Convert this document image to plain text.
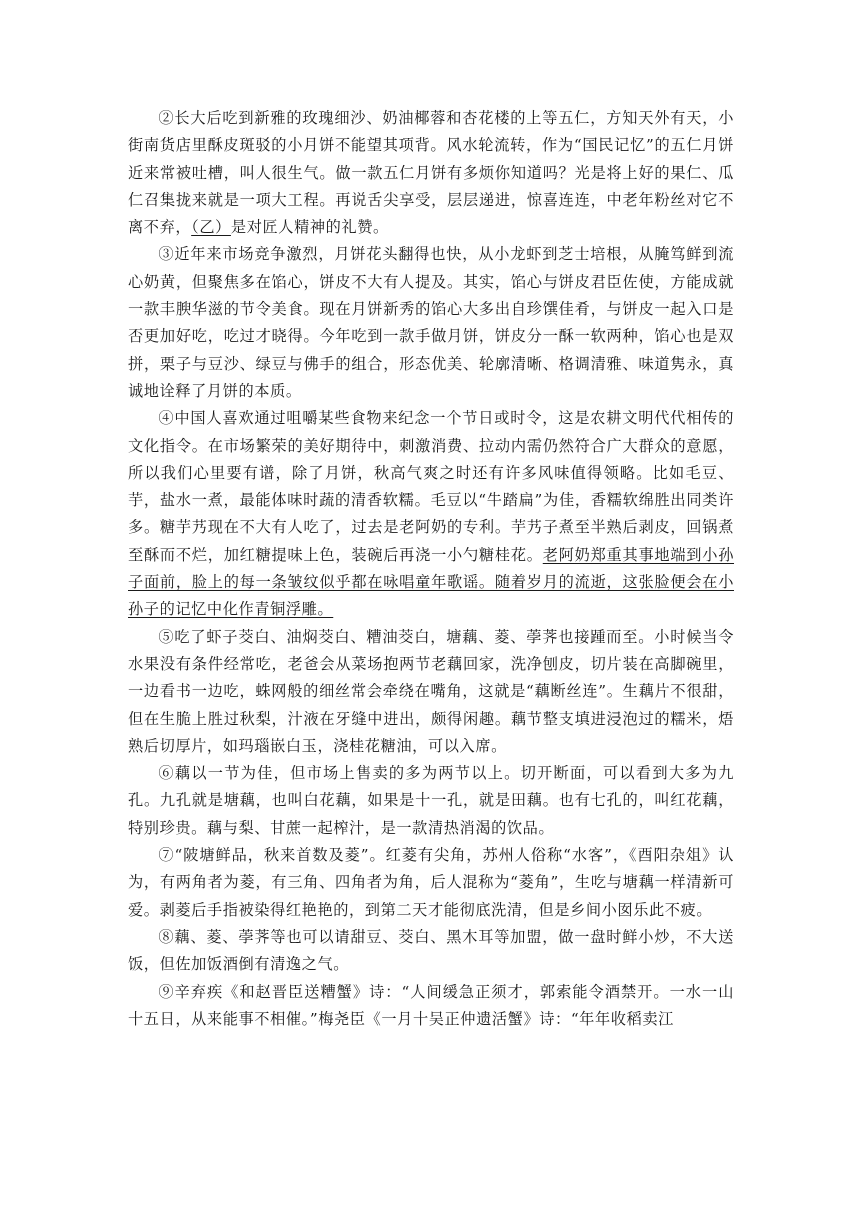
②长大后吃到新雅的玫瑰细沙、奶油椰蓉和杏花楼的上等五仁，方知天外有天，小街南货店里酥皮斑驳的小月饼不能望其项背。风水轮流转，作为“国民记忆”的五仁月饼近来常被吐槽，叫人很生气。做一款五仁月饼有多烦你知道吗？光是将上好的果仁、瓜仁召集拢来就是一项大工程。再说舌尖享受，层层递进，惊喜连连，中老年粉丝对它不离不弃，（乙）是对匠人精神的礼赞。

③近年来市场竞争激烈，月饼花头翻得也快，从小龙虾到芝士培根，从腌笃鲜到流心奶黄，但聚焦多在馅心，饼皮不大有人提及。其实，馅心与饼皮君臣佐使，方能成就一款丰腴华滋的节令美食。现在月饼新秀的馅心大多出自珍馔佳肴，与饼皮一起入口是否更加好吃，吃过才晓得。今年吃到一款手做月饼，饼皮分一酥一软两种，馅心也是双拼，栗子与豆沙、绿豆与佛手的组合，形态优美、轮廓清晰、格调清雅、味道隽永，真诚地诠释了月饼的本质。

④中国人喜欢通过咀嚼某些食物来纪念一个节日或时令，这是农耕文明代代相传的文化指令。在市场繁荣的美好期待中，刺激消费、拉动内需仍然符合广大群众的意愿，所以我们心里要有谱，除了月饼，秋高气爽之时还有许多风味值得领略。比如毛豆、芋，盐水一煮，最能体味时蔬的清香软糯。毛豆以“牛踏扁”为佳，香糯软绵胜出同类许多。糖芋艿现在不大有人吃了，过去是老阿奶的专利。芋艿子煮至半熟后剥皮，回锅煮至酥而不烂，加红糖提味上色，装碗后再浇一小勺糖桂花。老阿奶郑重其事地端到小孙子面前，脸上的每一条皱纹似乎都在咏唱童年歌谣。随着岁月的流逝，这张脸便会在小孙子的记忆中化作青铜浮雕。

⑤吃了虾子茭白、油焖茭白、糟油茭白，塘藕、菱、荸荠也接踵而至。小时候当令水果没有条件经常吃，老爸会从菜场抱两节老藕回家，洗净刨皮，切片装在高脚碗里，一边看书一边吃，蛛网般的细丝常会牵绕在嘴角，这就是“藕断丝连”。生藕片不很甜，但在生脆上胜过秋梨，汁液在牙缝中进出，颇得闲趣。藕节整支填进浸泡过的糯米，焐熟后切厚片，如玛瑙嵌白玉，浇桂花糖油，可以入席。

⑥藕以一节为佳，但市场上售卖的多为两节以上。切开断面，可以看到大多为九孔。九孔就是塘藕，也叫白花藕，如果是十一孔，就是田藕。也有七孔的，叫红花藕，特别珍贵。藕与梨、甘蔗一起榨汁，是一款清热消渴的饮品。

⑦“陂塘鲜品，秋来首数及菱”。红菱有尖角，苏州人俗称“水客”，《酉阳杂俎》认为，有两角者为菱，有三角、四角者为角，后人混称为“菱角”，生吃与塘藕一样清新可爱。剥菱后手指被染得红艳艳的，到第二天才能彻底洗清，但是乡间小囡乐此不疲。

⑧藕、菱、荸荠等也可以请甜豆、茭白、黑木耳等加盟，做一盘时鲜小炒，不大送饭，但佐加饭酒倒有清逸之气。

⑨辛弃疾《和赵晋臣送糟蟹》诗：“人间缓急正须才，郭索能令酒禁开。一水一山十五日，从来能事不相催。”梅尧臣《一月十吴正仲遗活蟹》诗：“年年收稻卖江
